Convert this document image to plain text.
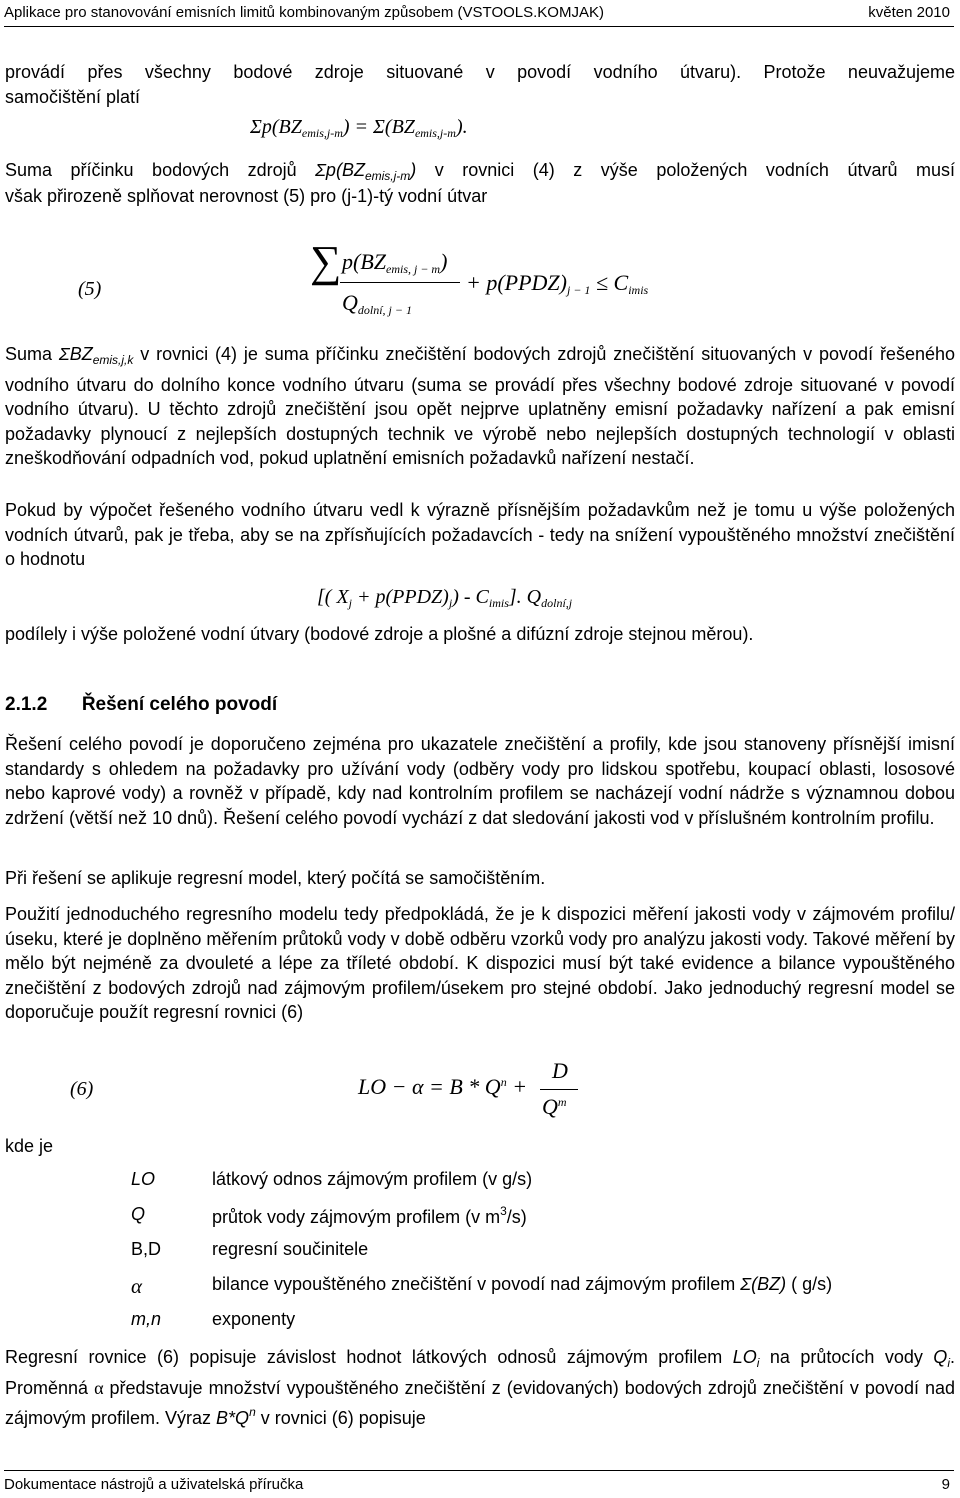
Aplikace pro stanovování emisních limitů kombinovaným způsobem (VSTOOLS.KOMJAK)	květen 2010
provádí přes všechny bodové zdroje situované v povodí vodního útvaru). Protože neuvažujeme
samočištění platí
$\Sigma p(BZ_{emis,j-m}) = \Sigma(BZ_{emis,j-m})$.
Suma příčinku bodových zdrojů $\Sigma p(BZ_{emis,j-m})$ v rovnici (4) z výše položených vodních útvarů musí
však přirozeně splňovat nerovnost (5) pro (j-1)-tý vodní útvar
(5)
∑ $p(BZ_{emis, j - m})$
$Q_{dolní, j - 1}$
+ $p(PPDZ)_{j - 1} \le C_{imis}$
Suma $\Sigma BZ_{emis,j,k}$ v rovnici (4) je suma příčinku znečištění bodových zdrojů znečištění situovaných v povodí řešeného vodního útvaru do dolního konce vodního útvaru (suma se provádí přes všechny bodové zdroje situované v povodí vodního útvaru). U těchto zdrojů znečištění jsou opět nejprve uplatněny emisní požadavky nařízení a pak emisní požadavky plynoucí z nejlepších dostupných technik ve výrobě nebo nejlepších dostupných technologií v oblasti zneškodňování odpadních vod, pokud uplatnění emisních požadavků nařízení nestačí.
Pokud by výpočet řešeného vodního útvaru vedl k výrazně přísnějším požadavkům než je tomu u výše položených vodních útvarů, pak je třeba, aby se na zpřísňujících požadavcích - tedy na snížení vypouštěného množství znečištění o hodnotu
[( $X_j$ + $p(PPDZ)_j) - C_{imis}$]. $Q_{dolní,j}$
podílely i výše položené vodní útvary (bodové zdroje a plošné a difúzní zdroje stejnou měrou).
2.1.2 Řešení celého povodí
Řešení celého povodí je doporučeno zejména pro ukazatele znečištění a profily, kde jsou stanoveny přísnější imisní standardy s ohledem na požadavky pro užívání vody (odběry vody pro lidskou spotřebu, koupací oblasti, lososové nebo kaprové vody) a rovněž v případě, kdy nad kontrolním profilem se nacházejí vodní nádrže s významnou dobou zdržení (větší než 10 dnů). Řešení celého povodí vychází z dat sledování jakosti vod v příslušném kontrolním profilu.
Při řešení se aplikuje regresní model, který počítá se samočištěním.
Použití jednoduchého regresního modelu tedy předpokládá, že je k dispozici měření jakosti vody v zájmovém profilu/úseku, které je doplněno měřením průtoků vody v době odběru vzorků vody pro analýzu jakosti vody. Takové měření by mělo být nejméně za dvouleté a lépe za tříleté období. K dispozici musí být také evidence a bilance vypouštěného znečištění z bodových zdrojů nad zájmovým profilem/úsekem pro stejné období. Jako jednoduchý regresní model se doporučuje použít regresní rovnici (6)
(6)	LO − $\alpha = B * Q^n$ +
D
$Q^m$
kde je
LO	látkový odnos zájmovým profilem (v g/s)
Q	průtok vody zájmovým profilem (v $m^3/s$)
B,D	regresní součinitele
α	bilance vypouštěného znečištění v povodí nad zájmovým profilem Σ(BZ) ( g/s)
m,n	exponenty
Regresní rovnice (6) popisuje závislost hodnot látkových odnosů zájmovým profilem $LO_i$ na průtocích vody $Q_i$. Proměnná α představuje množství vypouštěného znečištění z (evidovaných) bodových zdrojů znečištění v povodí nad zájmovým profilem. Výraz $B*Q^n$ v rovnici (6) popisuje
Dokumentace nástrojů a uživatelská příručka	9
